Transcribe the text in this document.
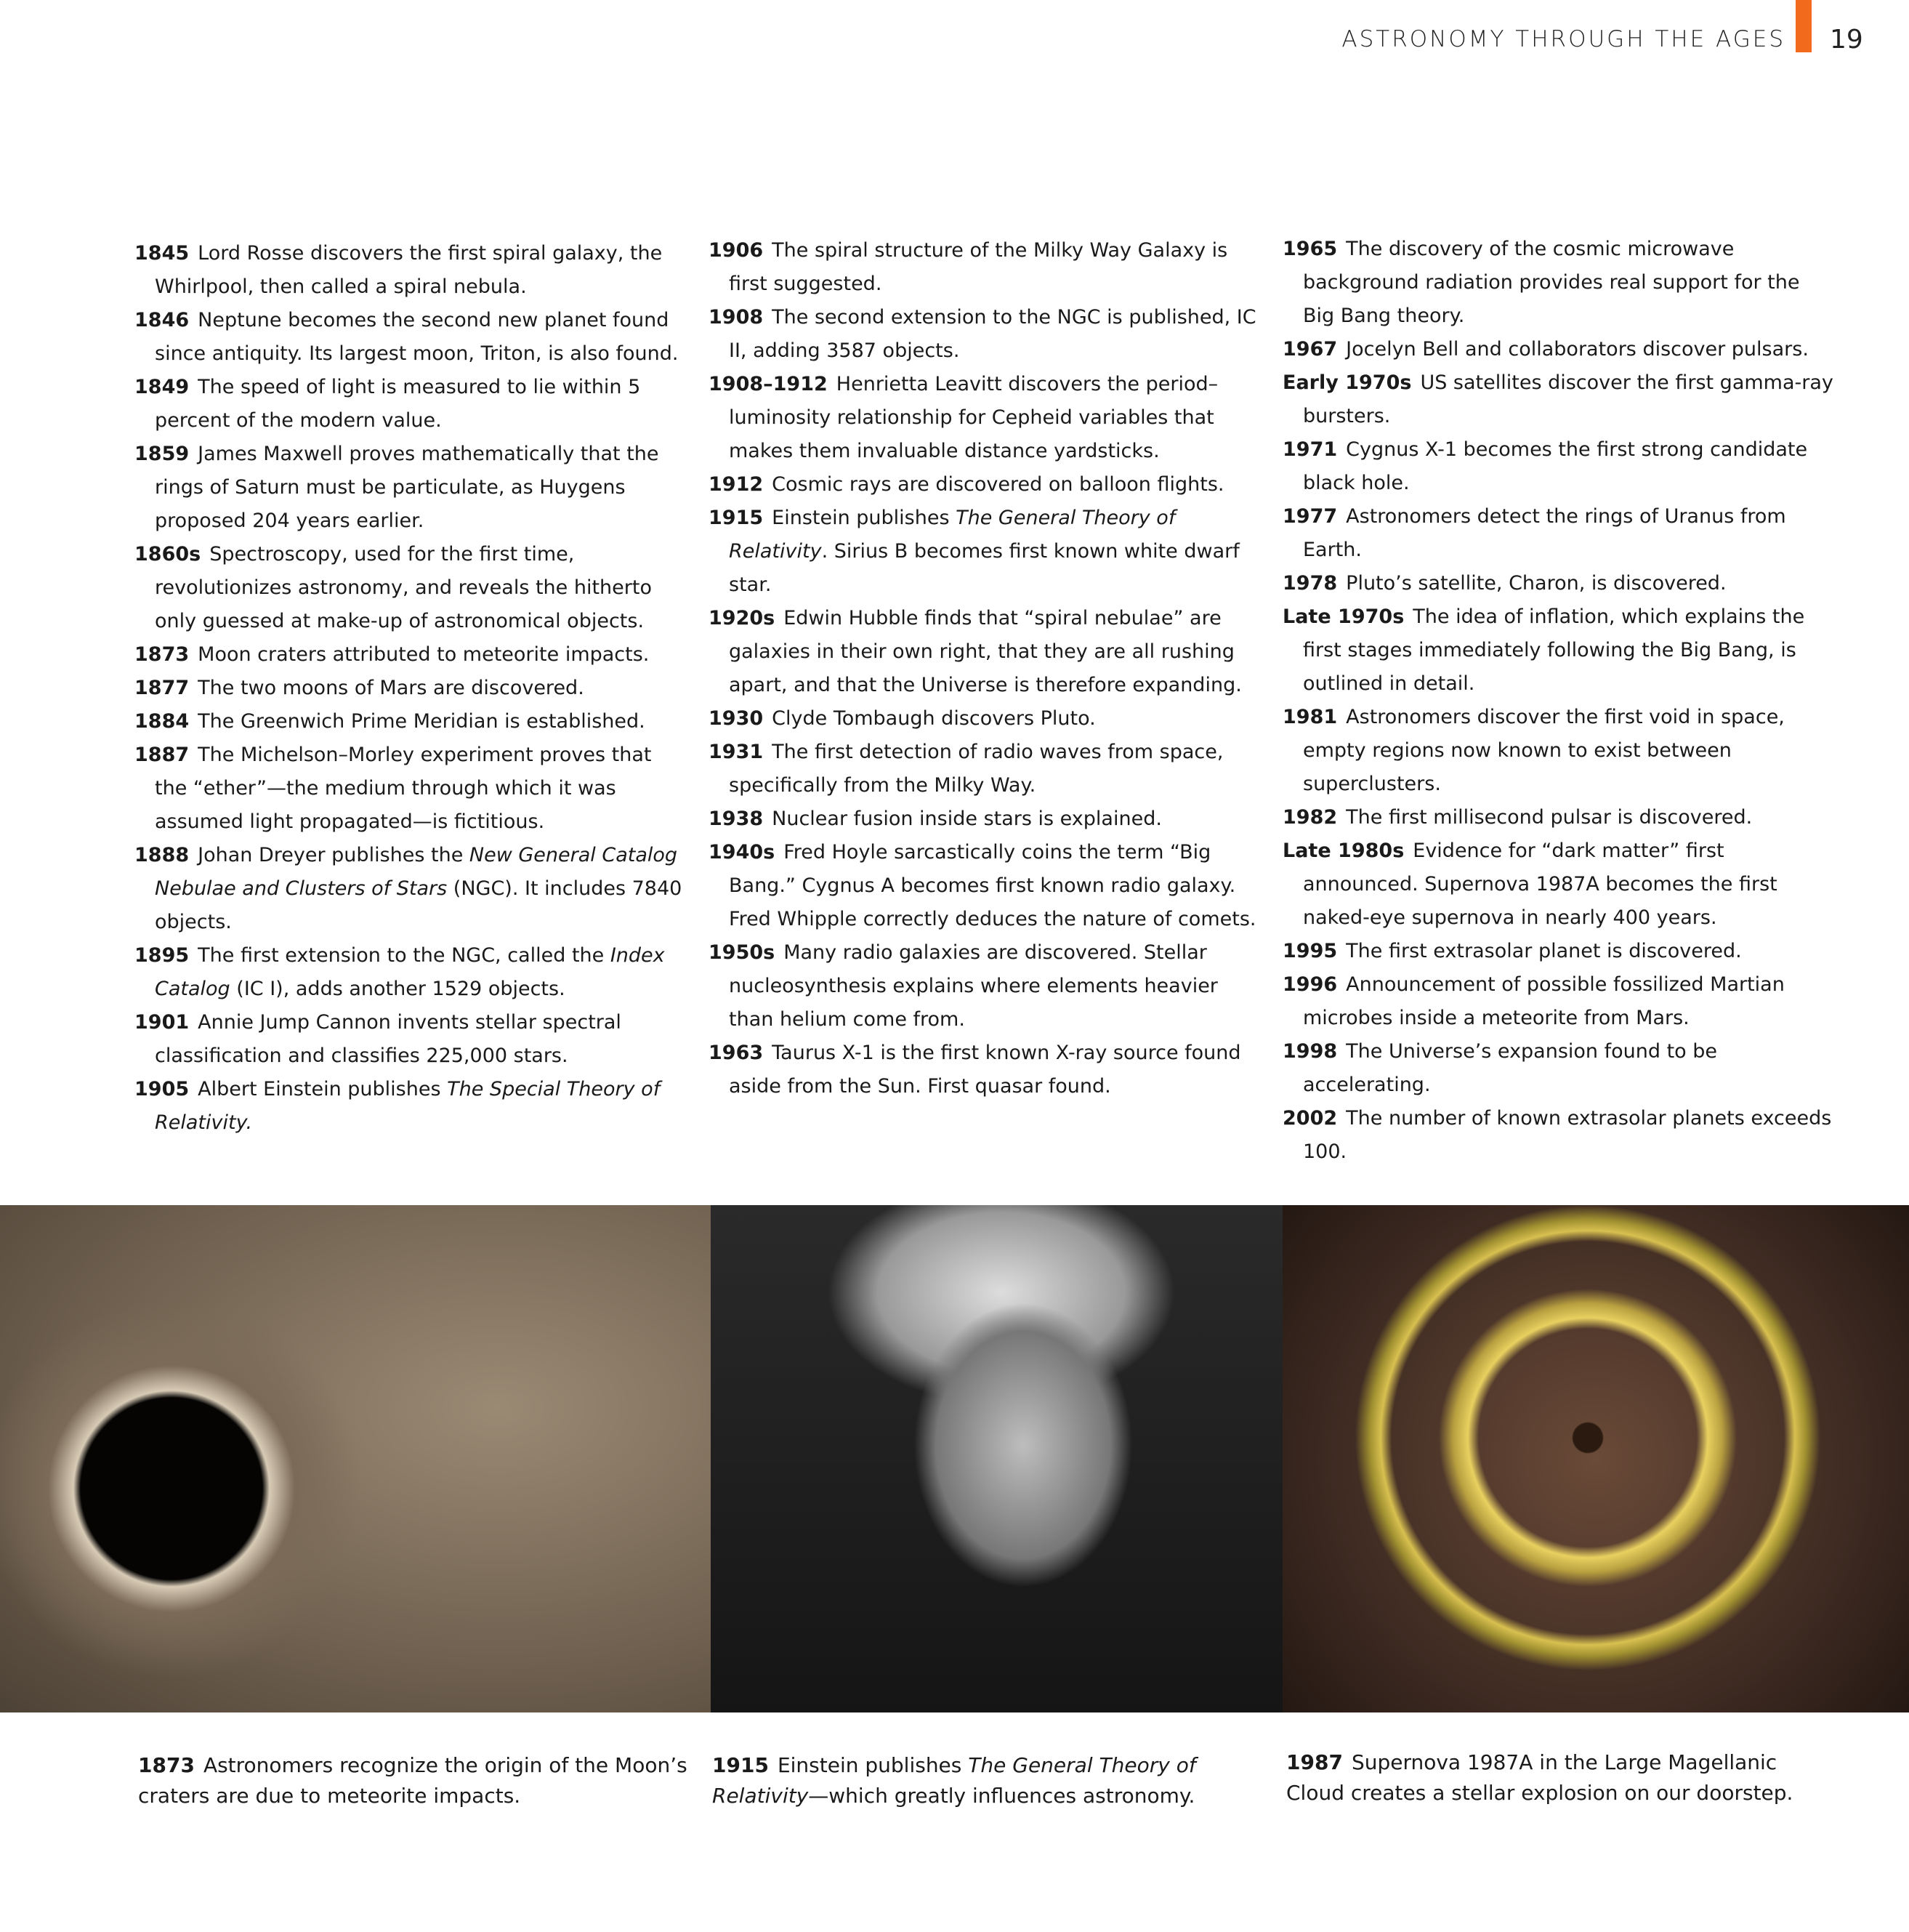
ASTRONOMY THROUGH THE AGES 19

1845 Lord Rosse discovers the first spiral galaxy, the Whirlpool, then called a spiral nebula.

1846 Neptune becomes the second new planet found since antiquity. Its largest moon, Triton, is also found.

1849 The speed of light is measured to lie within 5 percent of the modern value.

1859 James Maxwell proves mathematically that the rings of Saturn must be particulate, as Huygens proposed 204 years earlier.

1860s Spectroscopy, used for the first time, revolutionizes astronomy, and reveals the hitherto only guessed at make-up of astronomical objects.

1873 Moon craters attributed to meteorite impacts.

1877 The two moons of Mars are discovered.

1884 The Greenwich Prime Meridian is established.

1887 The Michelson–Morley experiment proves that the “ether”—the medium through which it was assumed light propagated—is fictitious.

1888 Johan Dreyer publishes the New General Catalog Nebulae and Clusters of Stars (NGC). It includes 7840 objects.

1895 The first extension to the NGC, called the Index Catalog (IC I), adds another 1529 objects.

1901 Annie Jump Cannon invents stellar spectral classification and classifies 225,000 stars.

1905 Albert Einstein publishes The Special Theory of Relativity.

1906 The spiral structure of the Milky Way Galaxy is first suggested.

1908 The second extension to the NGC is published, IC II, adding 3587 objects.

1908–1912 Henrietta Leavitt discovers the period–luminosity relationship for Cepheid variables that makes them invaluable distance yardsticks.

1912 Cosmic rays are discovered on balloon flights.

1915 Einstein publishes The General Theory of Relativity. Sirius B becomes first known white dwarf star.

1920s Edwin Hubble finds that “spiral nebulae” are galaxies in their own right, that they are all rushing apart, and that the Universe is therefore expanding.

1930 Clyde Tombaugh discovers Pluto.

1931 The first detection of radio waves from space, specifically from the Milky Way.

1938 Nuclear fusion inside stars is explained.

1940s Fred Hoyle sarcastically coins the term “Big Bang.” Cygnus A becomes first known radio galaxy. Fred Whipple correctly deduces the nature of comets.

1950s Many radio galaxies are discovered. Stellar nucleosynthesis explains where elements heavier than helium come from.

1963 Taurus X-1 is the first known X-ray source found aside from the Sun. First quasar found.

1965 The discovery of the cosmic microwave background radiation provides real support for the Big Bang theory.

1967 Jocelyn Bell and collaborators discover pulsars.

Early 1970s US satellites discover the first gamma-ray bursters.

1971 Cygnus X-1 becomes the first strong candidate black hole.

1977 Astronomers detect the rings of Uranus from Earth.

1978 Pluto’s satellite, Charon, is discovered.

Late 1970s The idea of inflation, which explains the first stages immediately following the Big Bang, is outlined in detail.

1981 Astronomers discover the first void in space, empty regions now known to exist between superclusters.

1982 The first millisecond pulsar is discovered.

Late 1980s Evidence for “dark matter” first announced. Supernova 1987A becomes the first naked-eye supernova in nearly 400 years.

1995 The first extrasolar planet is discovered.

1996 Announcement of possible fossilized Martian microbes inside a meteorite from Mars.

1998 The Universe’s expansion found to be accelerating.

2002 The number of known extrasolar planets exceeds 100.

1873 Astronomers recognize the origin of the Moon’s craters are due to meteorite impacts.
1915 Einstein publishes The General Theory of Relativity—which greatly influences astronomy.
1987 Supernova 1987A in the Large Magellanic Cloud creates a stellar explosion on our doorstep.
